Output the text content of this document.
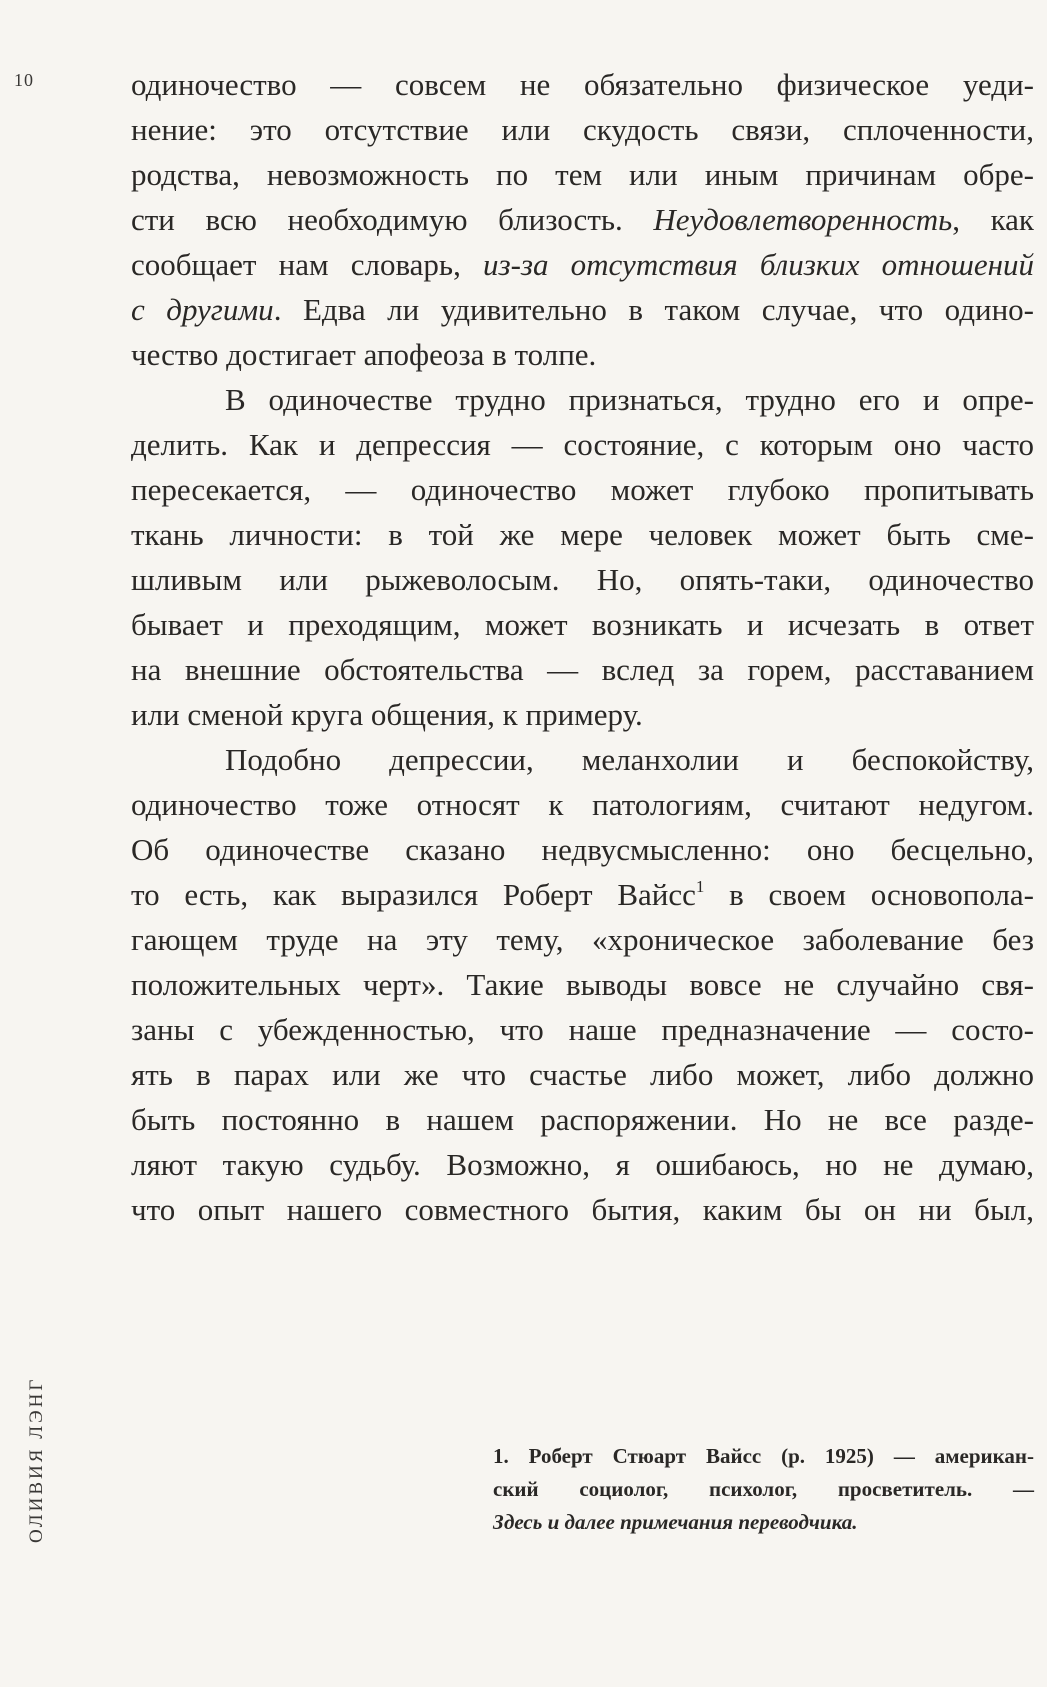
10	одиночество — совсем не обязательно физическое уеди-
нение: это отсутствие или скудость связи, сплоченности,
родства, невозможность по тем или иным причинам обре-
сти всю необходимую близость. Неудовлетворенность, как
сообщает нам словарь, из-за отсутствия близких отношений
с другими. Едва ли удивительно в таком случае, что одино-
чество достигает апофеоза в толпе.
В одиночестве трудно признаться, трудно его и опре-
делить. Как и депрессия — состояние, с которым оно часто
пересекается, — одиночество может глубоко пропитывать
ткань личности: в той же мере человек может быть сме-
шливым или рыжеволосым. Но, опять-таки, одиночество
бывает и преходящим, может возникать и исчезать в ответ
на внешние обстоятельства — вслед за горем, расставанием
или сменой круга общения, к примеру.
Подобно депрессии, меланхолии и беспокойству,
одиночество тоже относят к патологиям, считают недугом.
Об одиночестве сказано недвусмысленно: оно бесцельно,
то есть, как выразился Роберт Вайсс$^1$ в своем основопола-
гающем труде на эту тему, «хроническое заболевание без
положительных черт». Такие выводы вовсе не случайно свя-
заны с убежденностью, что наше предназначение — состо-
ять в парах или же что счастье либо может, либо должно
быть постоянно в нашем распоряжении. Но не все разде-
ляют такую судьбу. Возможно, я ошибаюсь, но не думаю,
что опыт нашего совместного бытия, каким бы он ни был,
ОЛИВИЯ ЛЭНГ	1. Роберт Стюарт Вайсс (р. 1925) — американ-
ский социолог, психолог, просветитель. —
Здесь и далее примечания переводчика.
